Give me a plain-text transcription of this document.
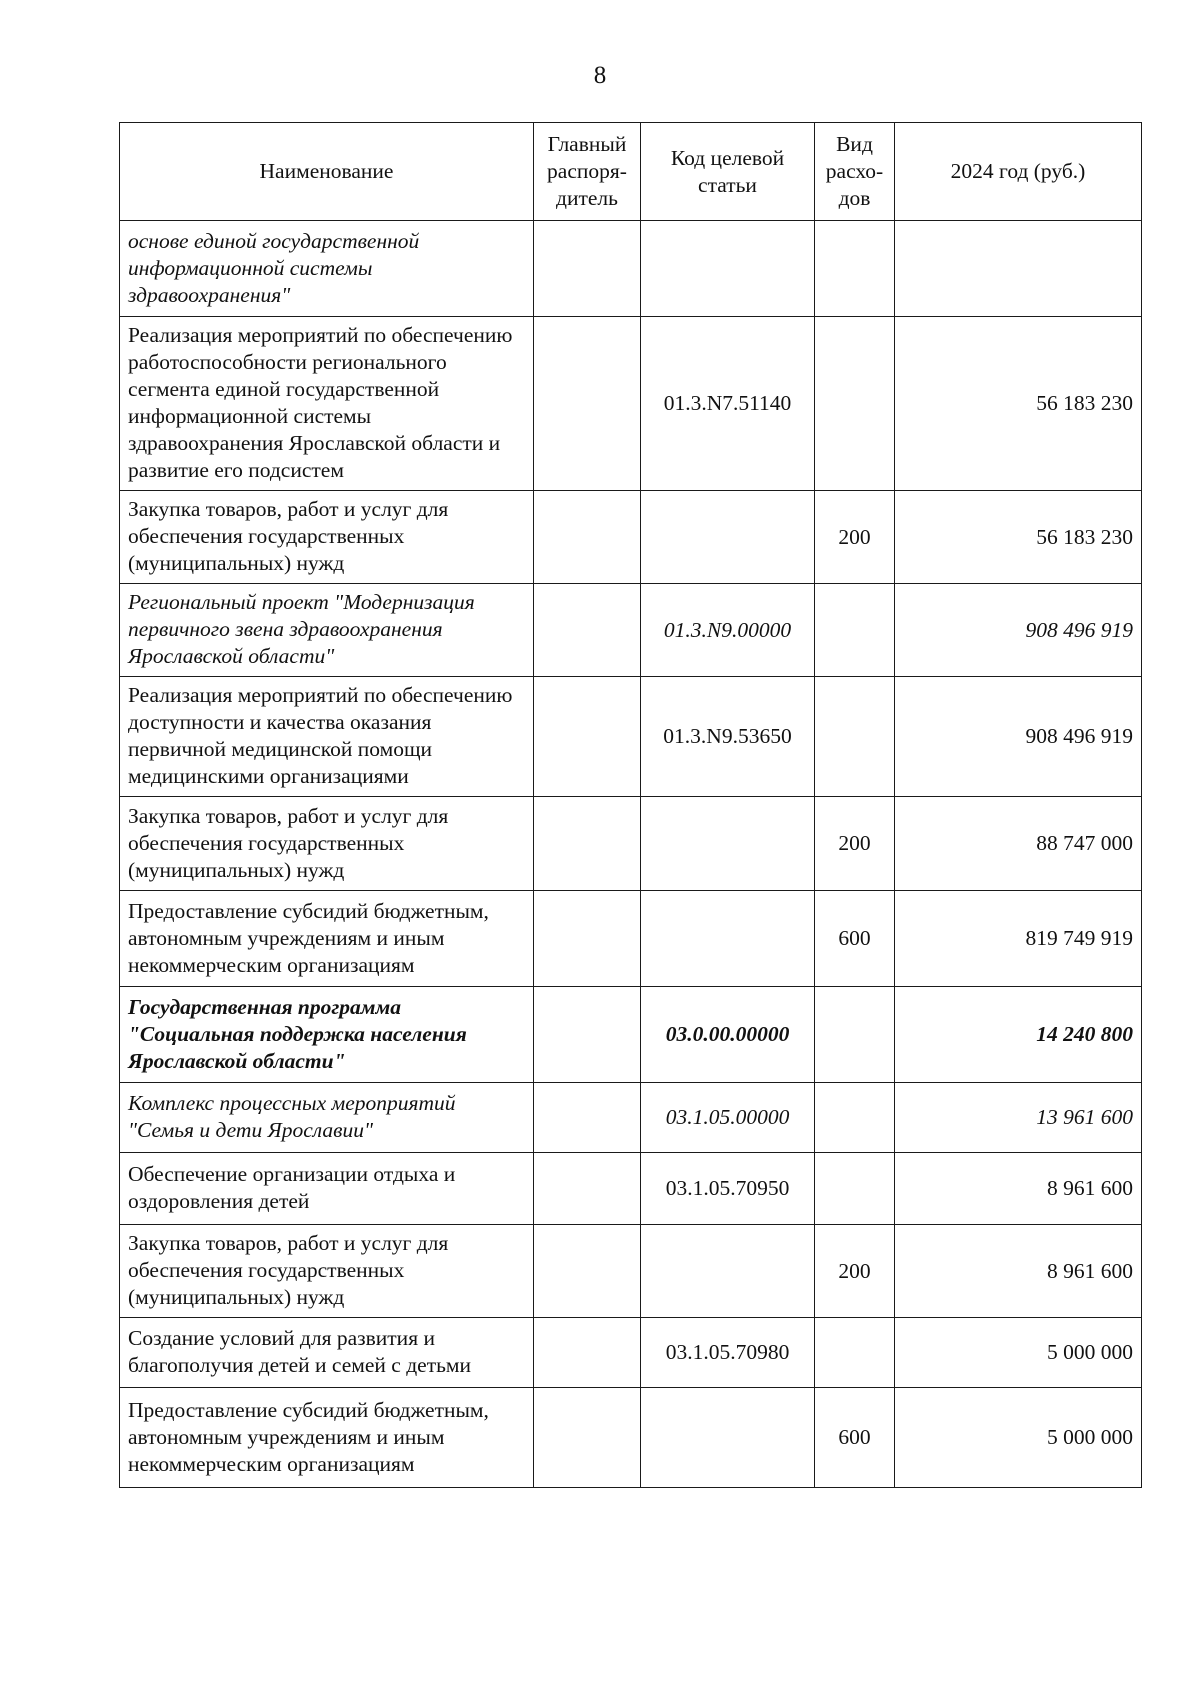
8
Наименование	Главный распоря-дитель	Код целевой статьи	Вид расхо-дов	2024 год (руб.)
основе единой государственной информационной системы здравоохранения"				
Реализация мероприятий по обеспечению работоспособности регионального сегмента единой государственной информационной системы здравоохранения Ярославской области и развитие его подсистем		01.3.N7.51140		56 183 230
Закупка товаров, работ и услуг для обеспечения государственных (муниципальных) нужд			200	56 183 230
Региональный проект "Модернизация первичного звена здравоохранения Ярославской области"		01.3.N9.00000		908 496 919
Реализация мероприятий по обеспечению доступности и качества оказания первичной медицинской помощи медицинскими организациями		01.3.N9.53650		908 496 919
Закупка товаров, работ и услуг для обеспечения государственных (муниципальных) нужд			200	88 747 000
Предоставление субсидий бюджетным, автономным учреждениям и иным некоммерческим организациям			600	819 749 919
Государственная программа "Социальная поддержка населения Ярославской области"		03.0.00.00000		14 240 800
Комплекс процессных мероприятий "Семья и дети Ярославии"		03.1.05.00000		13 961 600
Обеспечение организации отдыха и оздоровления детей		03.1.05.70950		8 961 600
Закупка товаров, работ и услуг для обеспечения государственных (муниципальных) нужд			200	8 961 600
Создание условий для развития и благополучия детей и семей с детьми		03.1.05.70980		5 000 000
Предоставление субсидий бюджетным, автономным учреждениям и иным некоммерческим организациям			600	5 000 000
